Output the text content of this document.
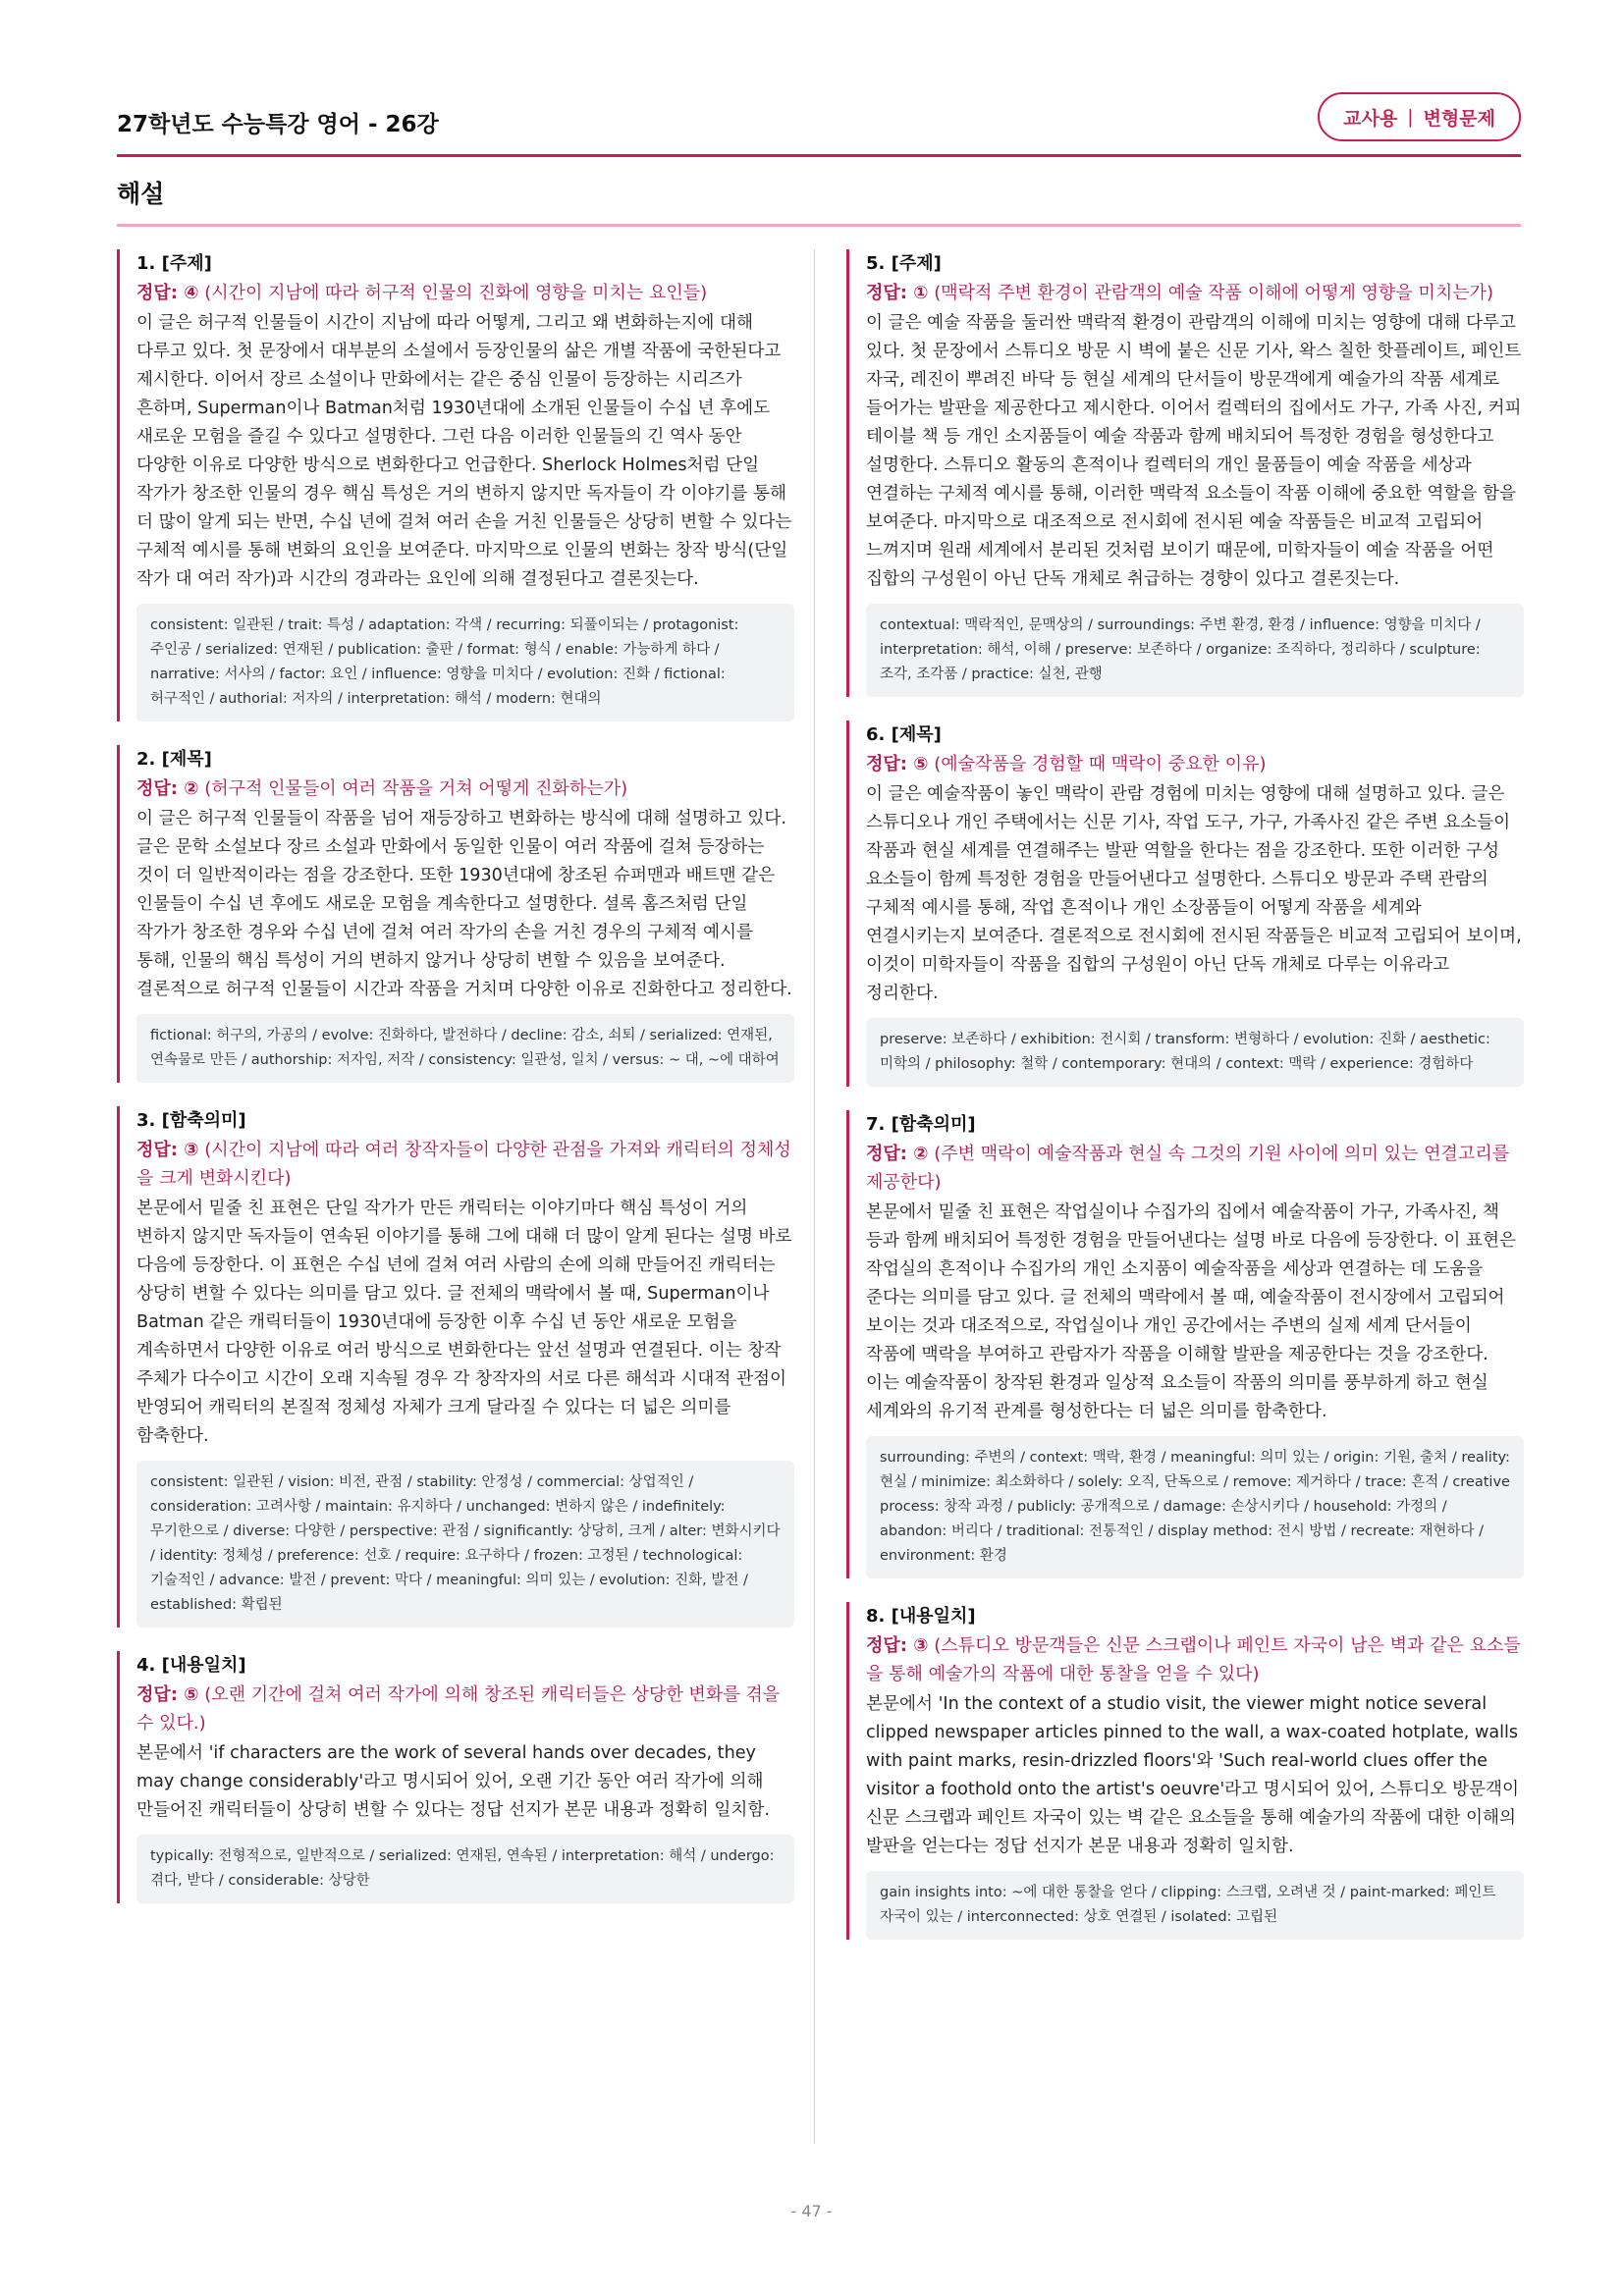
27학년도 수능특강 영어 - 26강	교사용 | 변형문제
해설
1. [주제]
정답: ④ (시간이 지남에 따라 허구적 인물의 진화에 영향을 미치는 요인들)
이 글은 허구적 인물들이 시간이 지남에 따라 어떻게, 그리고 왜 변화하는지에 대해 다루고 있다. 첫 문장에서 대부분의 소설에서 등장인물의 삶은 개별 작품에 국한된다고 제시한다. 이어서 장르 소설이나 만화에서는 같은 중심 인물이 등장하는 시리즈가 흔하며, Superman이나 Batman처럼 1930년대에 소개된 인물들이 수십 년 후에도 새로운 모험을 즐길 수 있다고 설명한다. 그런 다음 이러한 인물들의 긴 역사 동안 다양한 이유로 다양한 방식으로 변화한다고 언급한다. Sherlock Holmes처럼 단일 작가가 창조한 인물의 경우 핵심 특성은 거의 변하지 않지만 독자들이 각 이야기를 통해 더 많이 알게 되는 반면, 수십 년에 걸쳐 여러 손을 거친 인물들은 상당히 변할 수 있다는 구체적 예시를 통해 변화의 요인을 보여준다. 마지막으로 인물의 변화는 창작 방식(단일 작가 대 여러 작가)과 시간의 경과라는 요인에 의해 결정된다고 결론짓는다.
consistent: 일관된 / trait: 특성 / adaptation: 각색 / recurring: 되풀이되는 / protagonist: 주인공 / serialized: 연재된 / publication: 출판 / format: 형식 / enable: 가능하게 하다 / narrative: 서사의 / factor: 요인 / influence: 영향을 미치다 / evolution: 진화 / fictional: 허구적인 / authorial: 저자의 / interpretation: 해석 / modern: 현대의
2. [제목]
정답: ② (허구적 인물들이 여러 작품을 거쳐 어떻게 진화하는가)
이 글은 허구적 인물들이 작품을 넘어 재등장하고 변화하는 방식에 대해 설명하고 있다. 글은 문학 소설보다 장르 소설과 만화에서 동일한 인물이 여러 작품에 걸쳐 등장하는 것이 더 일반적이라는 점을 강조한다. 또한 1930년대에 창조된 슈퍼맨과 배트맨 같은 인물들이 수십 년 후에도 새로운 모험을 계속한다고 설명한다. 셜록 홈즈처럼 단일 작가가 창조한 경우와 수십 년에 걸쳐 여러 작가의 손을 거친 경우의 구체적 예시를 통해, 인물의 핵심 특성이 거의 변하지 않거나 상당히 변할 수 있음을 보여준다. 결론적으로 허구적 인물들이 시간과 작품을 거치며 다양한 이유로 진화한다고 정리한다.
fictional: 허구의, 가공의 / evolve: 진화하다, 발전하다 / decline: 감소, 쇠퇴 / serialized: 연재된, 연속물로 만든 / authorship: 저자임, 저작 / consistency: 일관성, 일치 / versus: ~ 대, ~에 대하여
3. [함축의미]
정답: ③ (시간이 지남에 따라 여러 창작자들이 다양한 관점을 가져와 캐릭터의 정체성을 크게 변화시킨다)
본문에서 밑줄 친 표현은 단일 작가가 만든 캐릭터는 이야기마다 핵심 특성이 거의 변하지 않지만 독자들이 연속된 이야기를 통해 그에 대해 더 많이 알게 된다는 설명 바로 다음에 등장한다. 이 표현은 수십 년에 걸쳐 여러 사람의 손에 의해 만들어진 캐릭터는 상당히 변할 수 있다는 의미를 담고 있다. 글 전체의 맥락에서 볼 때, Superman이나 Batman 같은 캐릭터들이 1930년대에 등장한 이후 수십 년 동안 새로운 모험을 계속하면서 다양한 이유로 여러 방식으로 변화한다는 앞선 설명과 연결된다. 이는 창작 주체가 다수이고 시간이 오래 지속될 경우 각 창작자의 서로 다른 해석과 시대적 관점이 반영되어 캐릭터의 본질적 정체성 자체가 크게 달라질 수 있다는 더 넓은 의미를 함축한다.
consistent: 일관된 / vision: 비전, 관점 / stability: 안정성 / commercial: 상업적인 / consideration: 고려사항 / maintain: 유지하다 / unchanged: 변하지 않은 / indefinitely: 무기한으로 / diverse: 다양한 / perspective: 관점 / significantly: 상당히, 크게 / alter: 변화시키다 / identity: 정체성 / preference: 선호 / require: 요구하다 / frozen: 고정된 / technological: 기술적인 / advance: 발전 / prevent: 막다 / meaningful: 의미 있는 / evolution: 진화, 발전 / established: 확립된
4. [내용일치]
정답: ⑤ (오랜 기간에 걸쳐 여러 작가에 의해 창조된 캐릭터들은 상당한 변화를 겪을 수 있다.)
본문에서 'if characters are the work of several hands over decades, they may change considerably'라고 명시되어 있어, 오랜 기간 동안 여러 작가에 의해 만들어진 캐릭터들이 상당히 변할 수 있다는 정답 선지가 본문 내용과 정확히 일치함.
typically: 전형적으로, 일반적으로 / serialized: 연재된, 연속된 / interpretation: 해석 / undergo: 겪다, 받다 / considerable: 상당한
5. [주제]
정답: ① (맥락적 주변 환경이 관람객의 예술 작품 이해에 어떻게 영향을 미치는가)
이 글은 예술 작품을 둘러싼 맥락적 환경이 관람객의 이해에 미치는 영향에 대해 다루고 있다. 첫 문장에서 스튜디오 방문 시 벽에 붙은 신문 기사, 왁스 칠한 핫플레이트, 페인트 자국, 레진이 뿌려진 바닥 등 현실 세계의 단서들이 방문객에게 예술가의 작품 세계로 들어가는 발판을 제공한다고 제시한다. 이어서 컬렉터의 집에서도 가구, 가족 사진, 커피 테이블 책 등 개인 소지품들이 예술 작품과 함께 배치되어 특정한 경험을 형성한다고 설명한다. 스튜디오 활동의 흔적이나 컬렉터의 개인 물품들이 예술 작품을 세상과 연결하는 구체적 예시를 통해, 이러한 맥락적 요소들이 작품 이해에 중요한 역할을 함을 보여준다. 마지막으로 대조적으로 전시회에 전시된 예술 작품들은 비교적 고립되어 느껴지며 원래 세계에서 분리된 것처럼 보이기 때문에, 미학자들이 예술 작품을 어떤 집합의 구성원이 아닌 단독 개체로 취급하는 경향이 있다고 결론짓는다.
contextual: 맥락적인, 문맥상의 / surroundings: 주변 환경, 환경 / influence: 영향을 미치다 / interpretation: 해석, 이해 / preserve: 보존하다 / organize: 조직하다, 정리하다 / sculpture: 조각, 조각품 / practice: 실천, 관행
6. [제목]
정답: ⑤ (예술작품을 경험할 때 맥락이 중요한 이유)
이 글은 예술작품이 놓인 맥락이 관람 경험에 미치는 영향에 대해 설명하고 있다. 글은 스튜디오나 개인 주택에서는 신문 기사, 작업 도구, 가구, 가족사진 같은 주변 요소들이 작품과 현실 세계를 연결해주는 발판 역할을 한다는 점을 강조한다. 또한 이러한 구성 요소들이 함께 특정한 경험을 만들어낸다고 설명한다. 스튜디오 방문과 주택 관람의 구체적 예시를 통해, 작업 흔적이나 개인 소장품들이 어떻게 작품을 세계와 연결시키는지 보여준다. 결론적으로 전시회에 전시된 작품들은 비교적 고립되어 보이며, 이것이 미학자들이 작품을 집합의 구성원이 아닌 단독 개체로 다루는 이유라고 정리한다.
preserve: 보존하다 / exhibition: 전시회 / transform: 변형하다 / evolution: 진화 / aesthetic: 미학의 / philosophy: 철학 / contemporary: 현대의 / context: 맥락 / experience: 경험하다
7. [함축의미]
정답: ② (주변 맥락이 예술작품과 현실 속 그것의 기원 사이에 의미 있는 연결고리를 제공한다)
본문에서 밑줄 친 표현은 작업실이나 수집가의 집에서 예술작품이 가구, 가족사진, 책 등과 함께 배치되어 특정한 경험을 만들어낸다는 설명 바로 다음에 등장한다. 이 표현은 작업실의 흔적이나 수집가의 개인 소지품이 예술작품을 세상과 연결하는 데 도움을 준다는 의미를 담고 있다. 글 전체의 맥락에서 볼 때, 예술작품이 전시장에서 고립되어 보이는 것과 대조적으로, 작업실이나 개인 공간에서는 주변의 실제 세계 단서들이 작품에 맥락을 부여하고 관람자가 작품을 이해할 발판을 제공한다는 것을 강조한다. 이는 예술작품이 창작된 환경과 일상적 요소들이 작품의 의미를 풍부하게 하고 현실 세계와의 유기적 관계를 형성한다는 더 넓은 의미를 함축한다.
surrounding: 주변의 / context: 맥락, 환경 / meaningful: 의미 있는 / origin: 기원, 출처 / reality: 현실 / minimize: 최소화하다 / solely: 오직, 단독으로 / remove: 제거하다 / trace: 흔적 / creative process: 창작 과정 / publicly: 공개적으로 / damage: 손상시키다 / household: 가정의 / abandon: 버리다 / traditional: 전통적인 / display method: 전시 방법 / recreate: 재현하다 / environment: 환경
8. [내용일치]
정답: ③ (스튜디오 방문객들은 신문 스크랩이나 페인트 자국이 남은 벽과 같은 요소들을 통해 예술가의 작품에 대한 통찰을 얻을 수 있다)
본문에서 'In the context of a studio visit, the viewer might notice several clipped newspaper articles pinned to the wall, a wax-coated hotplate, walls with paint marks, resin-drizzled floors'와 'Such real-world clues offer the visitor a foothold onto the artist's oeuvre'라고 명시되어 있어, 스튜디오 방문객이 신문 스크랩과 페인트 자국이 있는 벽 같은 요소들을 통해 예술가의 작품에 대한 이해의 발판을 얻는다는 정답 선지가 본문 내용과 정확히 일치함.
gain insights into: ~에 대한 통찰을 얻다 / clipping: 스크랩, 오려낸 것 / paint-marked: 페인트 자국이 있는 / interconnected: 상호 연결된 / isolated: 고립된
- 47 -
